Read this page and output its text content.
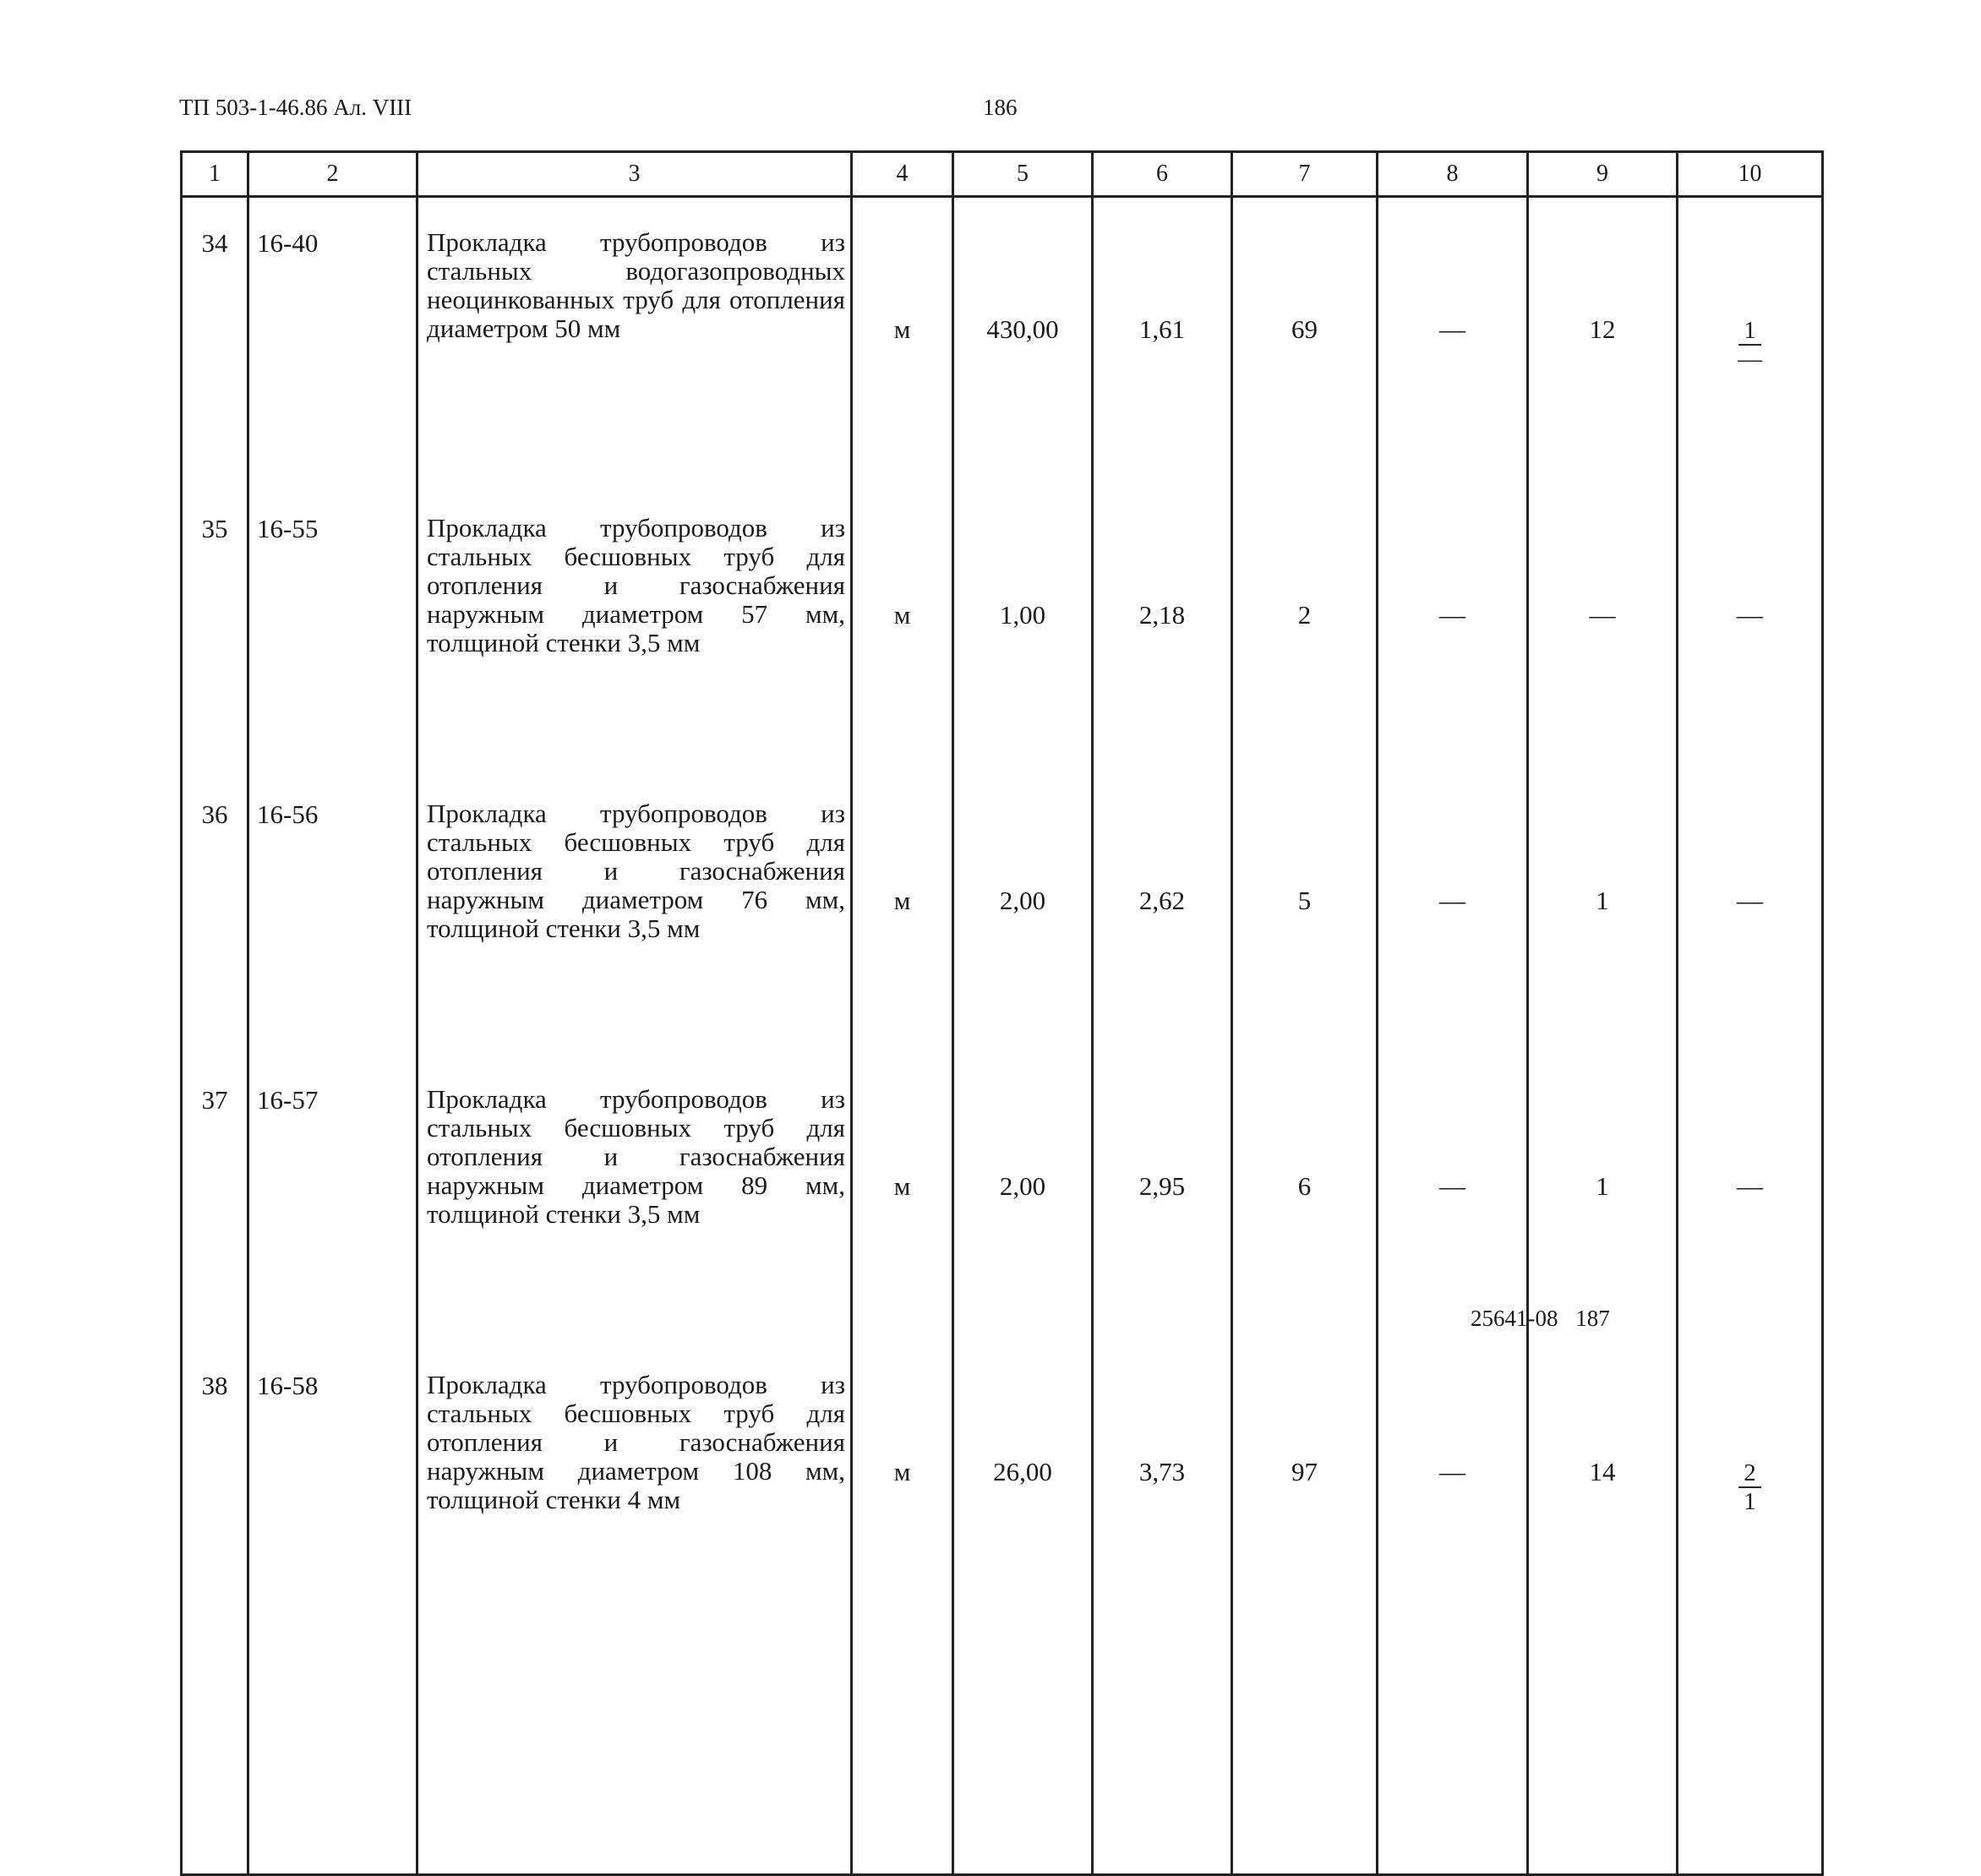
ТП 503-1-46.86 Ал. VIII	186
1	2	3	4	5	6	7	8	9	10
34	16-40	Прокладка трубопроводов из стальных водогазопроводных неоцинкованных труб для отопления диаметром 50 мм	м	430,00	1,61	69	—	12	$\frac{1}{—}$

35	16-55	Прокладка трубопроводов из стальных бесшовных труб для отопления и газоснабжения наружным диаметром 57 мм, толщиной стенки 3,5 мм	м	1,00	2,18	2	—	—	—
36	16-56	Прокладка трубопроводов из стальных бесшовных труб для отопления и газоснабжения наружным диаметром 76 мм, толщиной стенки 3,5 мм	м	2,00	2,62	5	—	1	—
37	16-57	Прокладка трубопроводов из стальных бесшовных труб для отопления и газоснабжения наружным диаметром 89 мм, толщиной стенки 3,5 мм	м	2,00	2,95	6	—	1	—
38	16-58	Прокладка трубопроводов из стальных бесшовных труб для отопления и газоснабжения наружным диаметром 108 мм, толщиной стенки 4 мм	м	26,00	3,73	97	—	14	$\frac{2}{1}$

25641-08 187
